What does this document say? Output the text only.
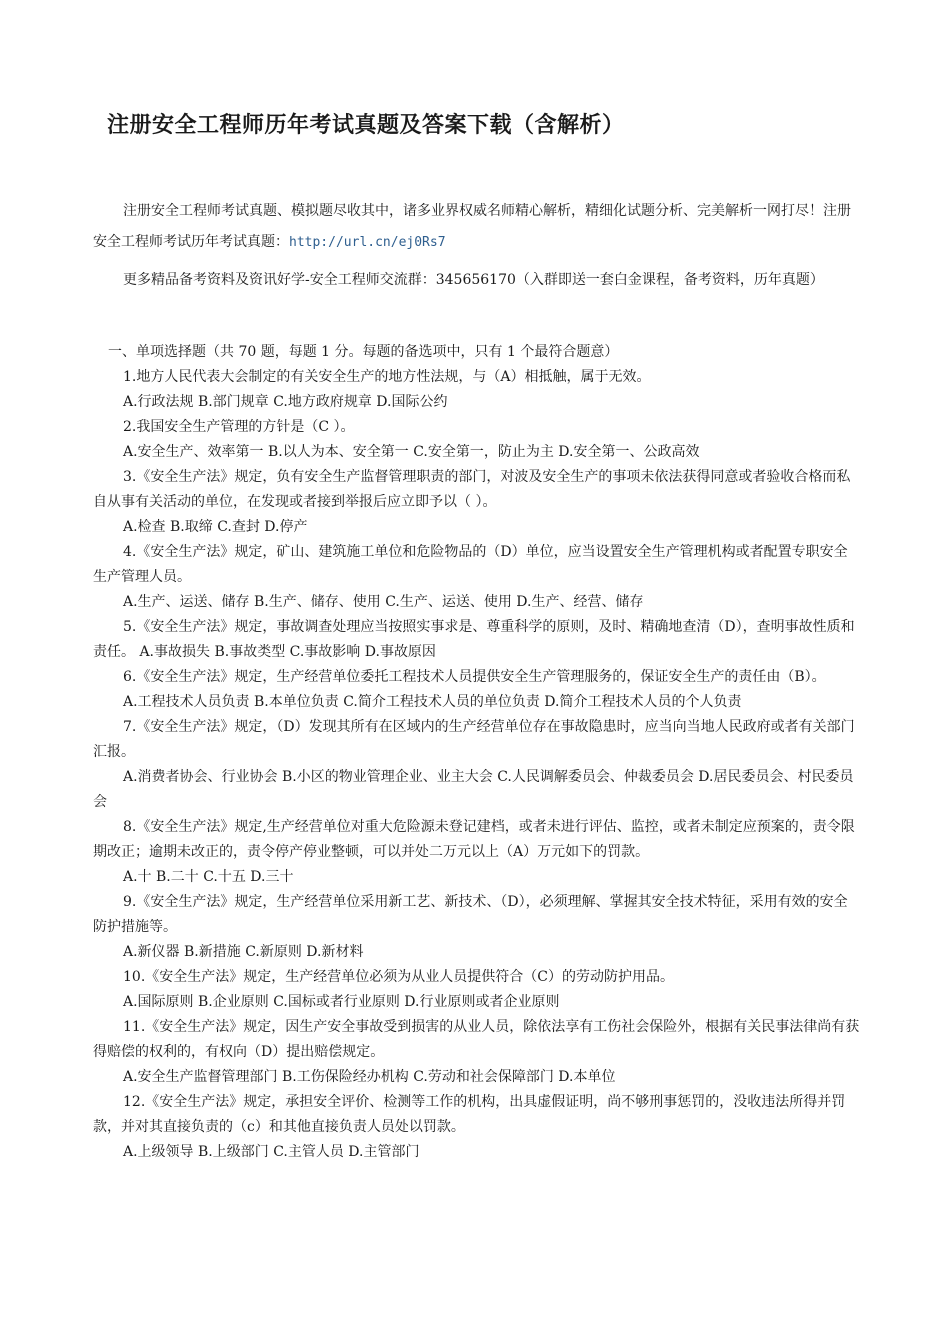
注册安全工程师历年考试真题及答案下载（含解析）

注册安全工程师考试真题、模拟题尽收其中，诸多业界权威名师精心解析，精细化试题分析、完美解析一网打尽！注册安全工程师考试历年考试真题：http://url.cn/ej0Rs7

更多精品备考资料及资讯好学-安全工程师交流群：345656170（入群即送一套白金课程，备考资料，历年真题）

一、单项选择题（共 70 题，每题 1 分。每题的备选项中，只有 1 个最符合题意）

1.地方人民代表大会制定的有关安全生产的地方性法规，与（A）相抵触，属于无效。

A.行政法规 B.部门规章 C.地方政府规章 D.国际公约

2.我国安全生产管理的方针是（C ）。

A.安全生产、效率第一 B.以人为本、安全第一 C.安全第一，防止为主 D.安全第一、公政高效

3.《安全生产法》规定，负有安全生产监督管理职责的部门，对波及安全生产的事项未依法获得同意或者验收合格而私自从事有关活动的单位，在发现或者接到举报后应立即予以（ ）。

A.检查 B.取缔 C.查封 D.停产

4.《安全生产法》规定，矿山、建筑施工单位和危险物品的（D）单位，应当设置安全生产管理机构或者配置专职安全生产管理人员。

A.生产、运送、储存 B.生产、储存、使用 C.生产、运送、使用 D.生产、经营、储存

5.《安全生产法》规定，事故调查处理应当按照实事求是、尊重科学的原则，及时、精确地查清（D），查明事故性质和责任。 A.事故损失 B.事故类型 C.事故影响 D.事故原因

6.《安全生产法》规定，生产经营单位委托工程技术人员提供安全生产管理服务的，保证安全生产的责任由（B）。

A.工程技术人员负责 B.本单位负责 C.简介工程技术人员的单位负责 D.简介工程技术人员的个人负责

7.《安全生产法》规定，（D）发现其所有在区域内的生产经营单位存在事故隐患时，应当向当地人民政府或者有关部门汇报。

A.消费者协会、行业协会 B.小区的物业管理企业、业主大会 C.人民调解委员会、仲裁委员会 D.居民委员会、村民委员会

8.《安全生产法》规定,生产经营单位对重大危险源未登记建档，或者未进行评估、监控，或者未制定应预案的，责令限期改正；逾期未改正的，责令停产停业整顿，可以并处二万元以上（A）万元如下的罚款。

A.十 B.二十 C.十五 D.三十

9.《安全生产法》规定，生产经营单位采用新工艺、新技术、（D），必须理解、掌握其安全技术特征，采用有效的安全防护措施等。

A.新仪器 B.新措施 C.新原则 D.新材料

10.《安全生产法》规定，生产经营单位必须为从业人员提供符合（C）的劳动防护用品。

A.国际原则 B.企业原则 C.国标或者行业原则 D.行业原则或者企业原则

11.《安全生产法》规定，因生产安全事故受到损害的从业人员，除依法享有工伤社会保险外，根据有关民事法律尚有获得赔偿的权利的，有权向（D）提出赔偿规定。

A.安全生产监督管理部门 B.工伤保险经办机构 C.劳动和社会保障部门 D.本单位

12.《安全生产法》规定，承担安全评价、检测等工作的机构，出具虚假证明，尚不够刑事惩罚的，没收违法所得并罚款，并对其直接负责的（c）和其他直接负责人员处以罚款。

A.上级领导 B.上级部门 C.主管人员 D.主管部门
